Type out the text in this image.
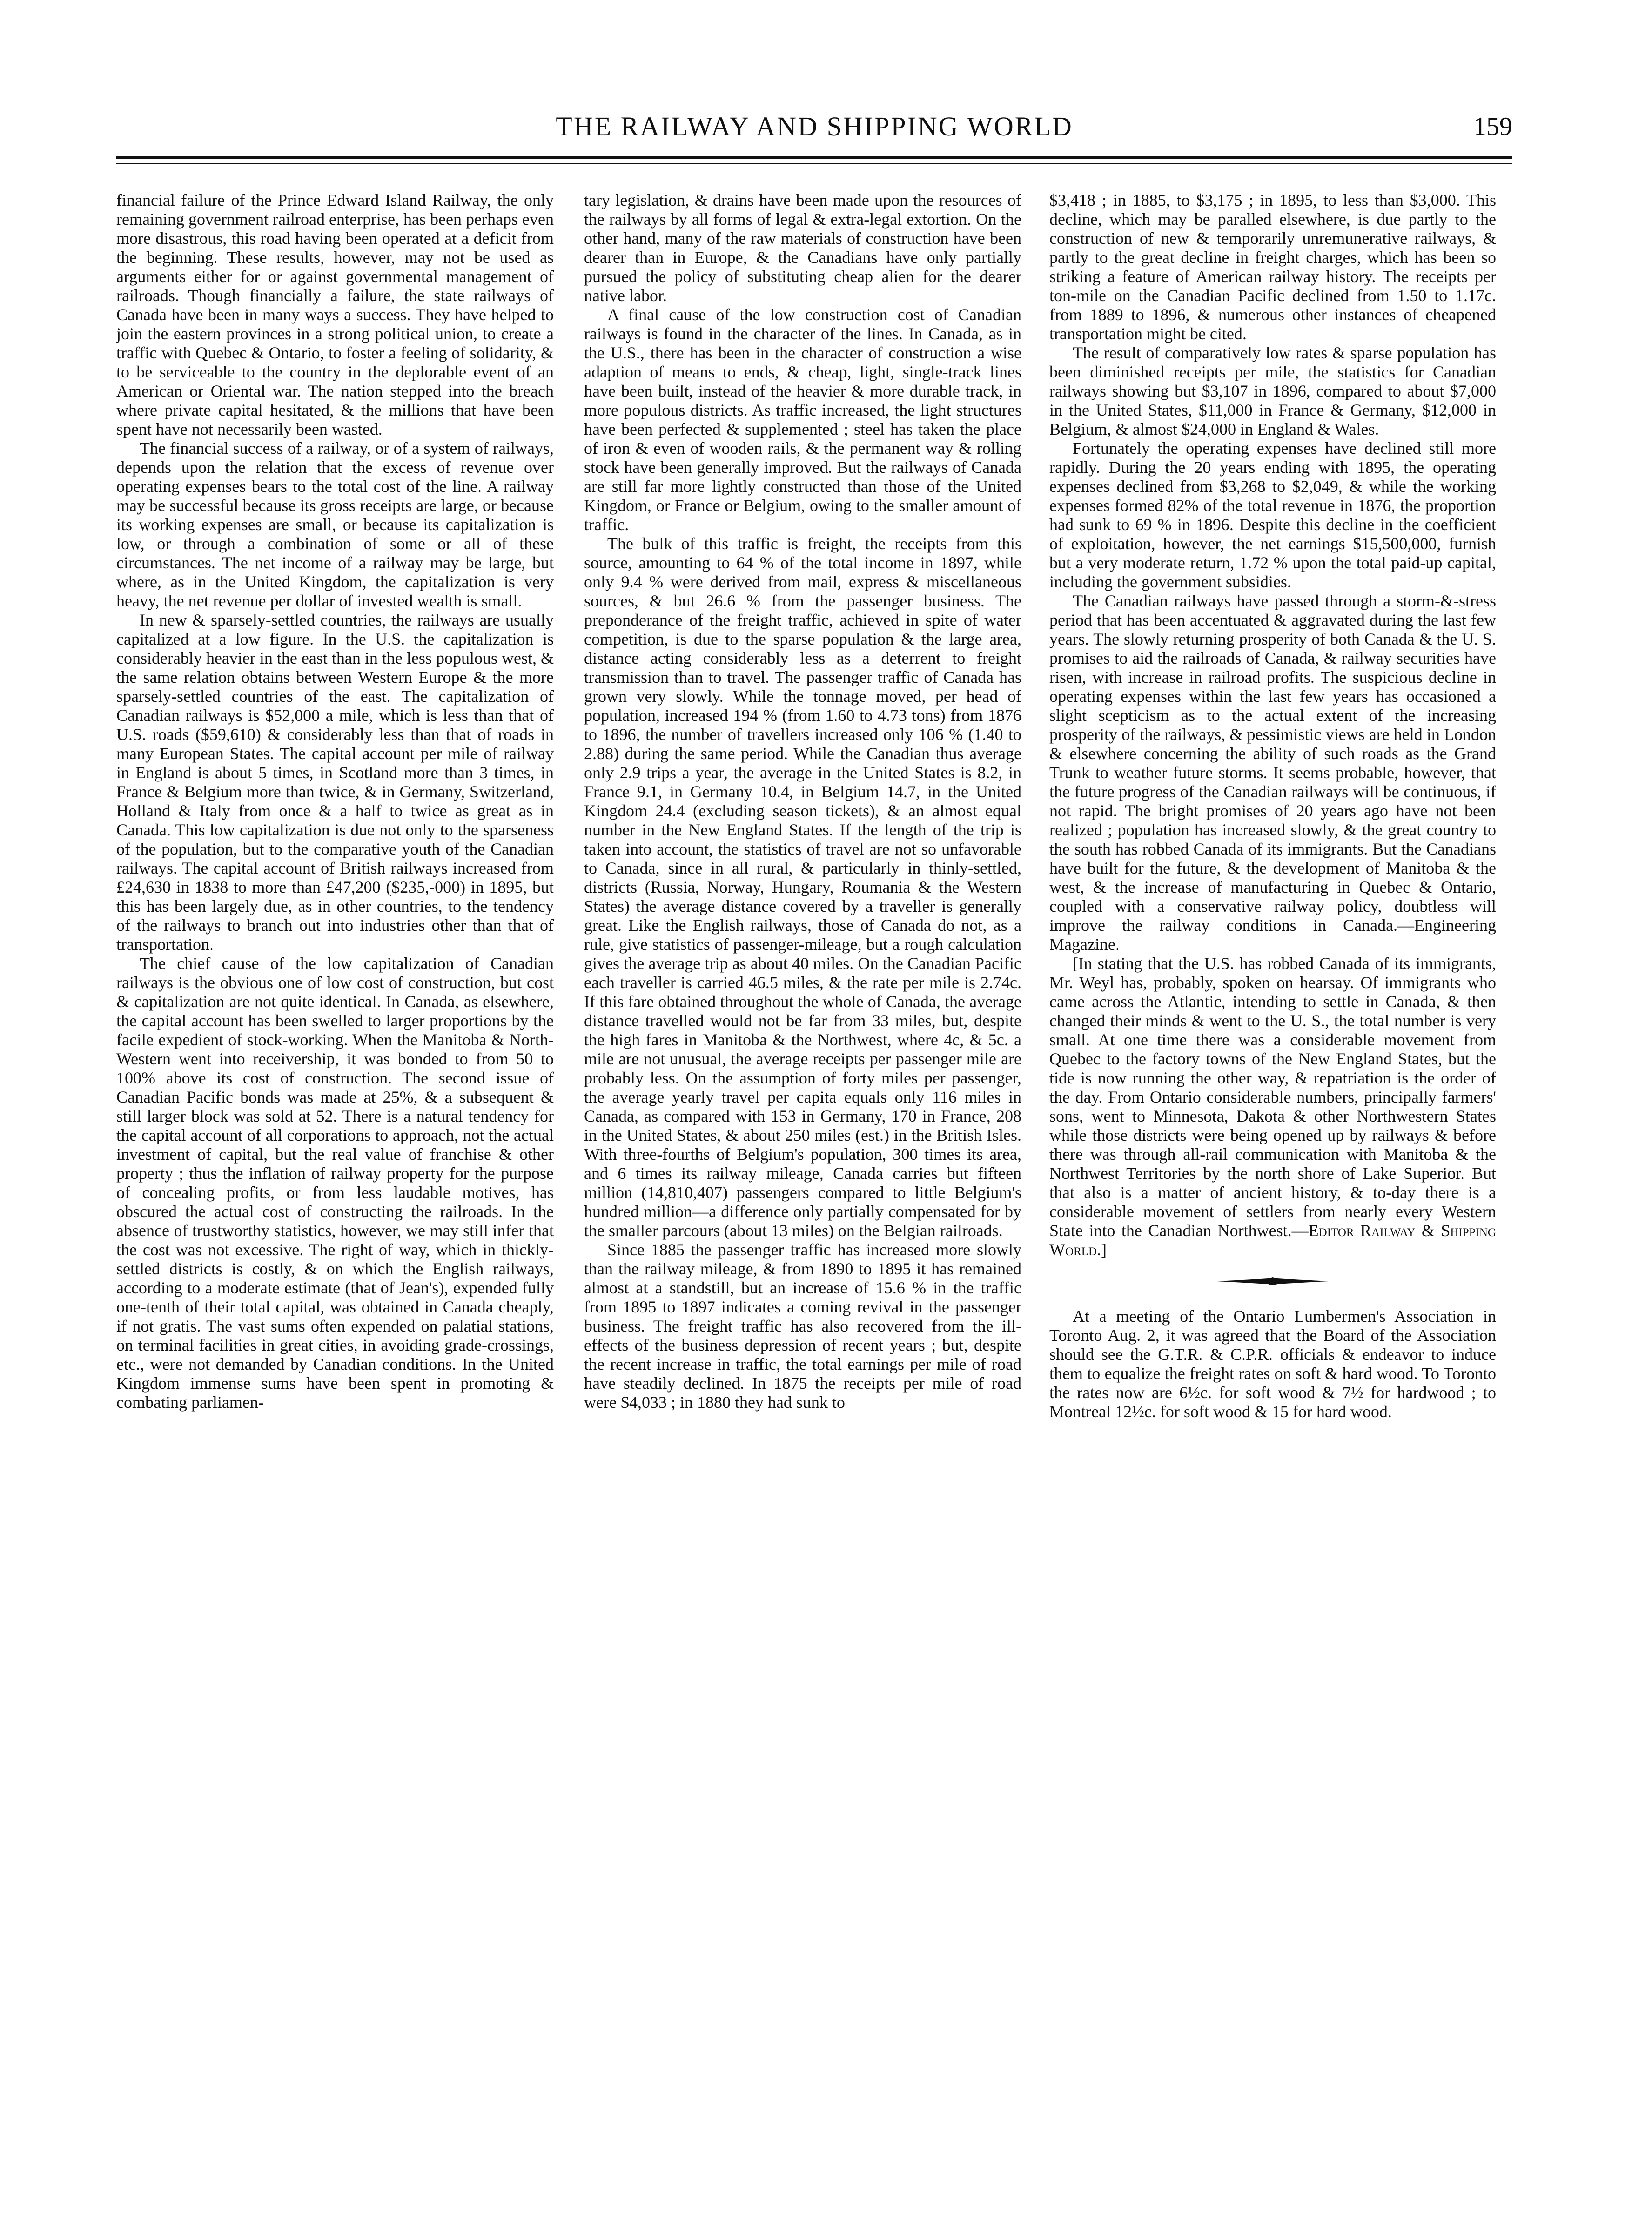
THE RAILWAY AND SHIPPING WORLD	159

financial failure of the Prince Edward Island Railway, the only remaining government railroad enterprise, has been perhaps even more disastrous, this road having been operated at a deficit from the beginning. These results, however, may not be used as arguments either for or against governmental management of railroads. Though financially a failure, the state railways of Canada have been in many ways a success. They have helped to join the eastern provinces in a strong political union, to create a traffic with Quebec & Ontario, to foster a feeling of solidarity, & to be serviceable to the country in the deplorable event of an American or Oriental war. The nation stepped into the breach where private capital hesitated, & the millions that have been spent have not necessarily been wasted.

The financial success of a railway, or of a system of railways, depends upon the relation that the excess of revenue over operating expenses bears to the total cost of the line. A railway may be successful because its gross receipts are large, or because its working expenses are small, or because its capitalization is low, or through a combination of some or all of these circumstances. The net income of a railway may be large, but where, as in the United Kingdom, the capitalization is very heavy, the net revenue per dollar of invested wealth is small.

In new & sparsely-settled countries, the railways are usually capitalized at a low figure. In the U.S. the capitalization is considerably heavier in the east than in the less populous west, & the same relation obtains between Western Europe & the more sparsely-settled countries of the east. The capitalization of Canadian railways is $52,000 a mile, which is less than that of U.S. roads ($59,610) & considerably less than that of roads in many European States. The capital account per mile of railway in England is about 5 times, in Scotland more than 3 times, in France & Belgium more than twice, & in Germany, Switzerland, Holland & Italy from once & a half to twice as great as in Canada. This low capitalization is due not only to the sparseness of the population, but to the comparative youth of the Canadian railways. The capital account of British railways increased from £24,630 in 1838 to more than £47,200 ($235,-000) in 1895, but this has been largely due, as in other countries, to the tendency of the railways to branch out into industries other than that of transportation.

The chief cause of the low capitalization of Canadian railways is the obvious one of low cost of construction, but cost & capitalization are not quite identical. In Canada, as elsewhere, the capital account has been swelled to larger proportions by the facile expedient of stock-working. When the Manitoba & North-Western went into receivership, it was bonded to from 50 to 100% above its cost of construction. The second issue of Canadian Pacific bonds was made at 25%, & a subsequent & still larger block was sold at 52. There is a natural tendency for the capital account of all corporations to approach, not the actual investment of capital, but the real value of franchise & other property ; thus the inflation of railway property for the purpose of concealing profits, or from less laudable motives, has obscured the actual cost of constructing the railroads. In the absence of trustworthy statistics, however, we may still infer that the cost was not excessive. The right of way, which in thickly-settled districts is costly, & on which the English railways, according to a moderate estimate (that of Jean's), expended fully one-tenth of their total capital, was obtained in Canada cheaply, if not gratis. The vast sums often expended on palatial stations, on terminal facilities in great cities, in avoiding grade-crossings, etc., were not demanded by Canadian conditions. In the United Kingdom immense sums have been spent in promoting & combating parliamen-

tary legislation, & drains have been made upon the resources of the railways by all forms of legal & extra-legal extortion. On the other hand, many of the raw materials of construction have been dearer than in Europe, & the Canadians have only partially pursued the policy of substituting cheap alien for the dearer native labor.

A final cause of the low construction cost of Canadian railways is found in the character of the lines. In Canada, as in the U.S., there has been in the character of construction a wise adaption of means to ends, & cheap, light, single-track lines have been built, instead of the heavier & more durable track, in more populous districts. As traffic increased, the light structures have been perfected & supplemented ; steel has taken the place of iron & even of wooden rails, & the permanent way & rolling stock have been generally improved. But the railways of Canada are still far more lightly constructed than those of the United Kingdom, or France or Belgium, owing to the smaller amount of traffic.

The bulk of this traffic is freight, the receipts from this source, amounting to 64 % of the total income in 1897, while only 9.4 % were derived from mail, express & miscellaneous sources, & but 26.6 % from the passenger business. The preponderance of the freight traffic, achieved in spite of water competition, is due to the sparse population & the large area, distance acting considerably less as a deterrent to freight transmission than to travel. The passenger traffic of Canada has grown very slowly. While the tonnage moved, per head of population, increased 194 % (from 1.60 to 4.73 tons) from 1876 to 1896, the number of travellers increased only 106 % (1.40 to 2.88) during the same period. While the Canadian thus average only 2.9 trips a year, the average in the United States is 8.2, in France 9.1, in Germany 10.4, in Belgium 14.7, in the United Kingdom 24.4 (excluding season tickets), & an almost equal number in the New England States. If the length of the trip is taken into account, the statistics of travel are not so unfavorable to Canada, since in all rural, & particularly in thinly-settled, districts (Russia, Norway, Hungary, Roumania & the Western States) the average distance covered by a traveller is generally great. Like the English railways, those of Canada do not, as a rule, give statistics of passenger-mileage, but a rough calculation gives the average trip as about 40 miles. On the Canadian Pacific each traveller is carried 46.5 miles, & the rate per mile is 2.74c. If this fare obtained throughout the whole of Canada, the average distance travelled would not be far from 33 miles, but, despite the high fares in Manitoba & the Northwest, where 4c, & 5c. a mile are not unusual, the average receipts per passenger mile are probably less. On the assumption of forty miles per passenger, the average yearly travel per capita equals only 116 miles in Canada, as compared with 153 in Germany, 170 in France, 208 in the United States, & about 250 miles (est.) in the British Isles. With three-fourths of Belgium's population, 300 times its area, and 6 times its railway mileage, Canada carries but fifteen million (14,810,407) passengers compared to little Belgium's hundred million—a difference only partially compensated for by the smaller parcours (about 13 miles) on the Belgian railroads.

Since 1885 the passenger traffic has increased more slowly than the railway mileage, & from 1890 to 1895 it has remained almost at a standstill, but an increase of 15.6 % in the traffic from 1895 to 1897 indicates a coming revival in the passenger business. The freight traffic has also recovered from the ill-effects of the business depression of recent years ; but, despite the recent increase in traffic, the total earnings per mile of road have steadily declined. In 1875 the receipts per mile of road were $4,033 ; in 1880 they had sunk to

$3,418 ; in 1885, to $3,175 ; in 1895, to less than $3,000. This decline, which may be paralled elsewhere, is due partly to the construction of new & temporarily unremunerative railways, & partly to the great decline in freight charges, which has been so striking a feature of American railway history. The receipts per ton-mile on the Canadian Pacific declined from 1.50 to 1.17c. from 1889 to 1896, & numerous other instances of cheapened transportation might be cited.

The result of comparatively low rates & sparse population has been diminished receipts per mile, the statistics for Canadian railways showing but $3,107 in 1896, compared to about $7,000 in the United States, $11,000 in France & Germany, $12,000 in Belgium, & almost $24,000 in England & Wales.

Fortunately the operating expenses have declined still more rapidly. During the 20 years ending with 1895, the operating expenses declined from $3,268 to $2,049, & while the working expenses formed 82% of the total revenue in 1876, the proportion had sunk to 69 % in 1896. Despite this decline in the coefficient of exploitation, however, the net earnings $15,500,000, furnish but a very moderate return, 1.72 % upon the total paid-up capital, including the government subsidies.

The Canadian railways have passed through a storm-&-stress period that has been accentuated & aggravated during the last few years. The slowly returning prosperity of both Canada & the U. S. promises to aid the railroads of Canada, & railway securities have risen, with increase in railroad profits. The suspicious decline in operating expenses within the last few years has occasioned a slight scepticism as to the actual extent of the increasing prosperity of the railways, & pessimistic views are held in London & elsewhere concerning the ability of such roads as the Grand Trunk to weather future storms. It seems probable, however, that the future progress of the Canadian railways will be continuous, if not rapid. The bright promises of 20 years ago have not been realized ; population has increased slowly, & the great country to the south has robbed Canada of its immigrants. But the Canadians have built for the future, & the development of Manitoba & the west, & the increase of manufacturing in Quebec & Ontario, coupled with a conservative railway policy, doubtless will improve the railway conditions in Canada.—Engineering Magazine.

[In stating that the U.S. has robbed Canada of its immigrants, Mr. Weyl has, probably, spoken on hearsay. Of immigrants who came across the Atlantic, intending to settle in Canada, & then changed their minds & went to the U. S., the total number is very small. At one time there was a considerable movement from Quebec to the factory towns of the New England States, but the tide is now running the other way, & repatriation is the order of the day. From Ontario considerable numbers, principally farmers' sons, went to Minnesota, Dakota & other Northwestern States while those districts were being opened up by railways & before there was through all-rail communication with Manitoba & the Northwest Territories by the north shore of Lake Superior. But that also is a matter of ancient history, & to-day there is a considerable movement of settlers from nearly every Western State into the Canadian Northwest.—Editor Railway & Shipping World.]

At a meeting of the Ontario Lumbermen's Association in Toronto Aug. 2, it was agreed that the Board of the Association should see the G.T.R. & C.P.R. officials & endeavor to induce them to equalize the freight rates on soft & hard wood. To Toronto the rates now are 6½c. for soft wood & 7½ for hardwood ; to Montreal 12½c. for soft wood & 15 for hard wood.
